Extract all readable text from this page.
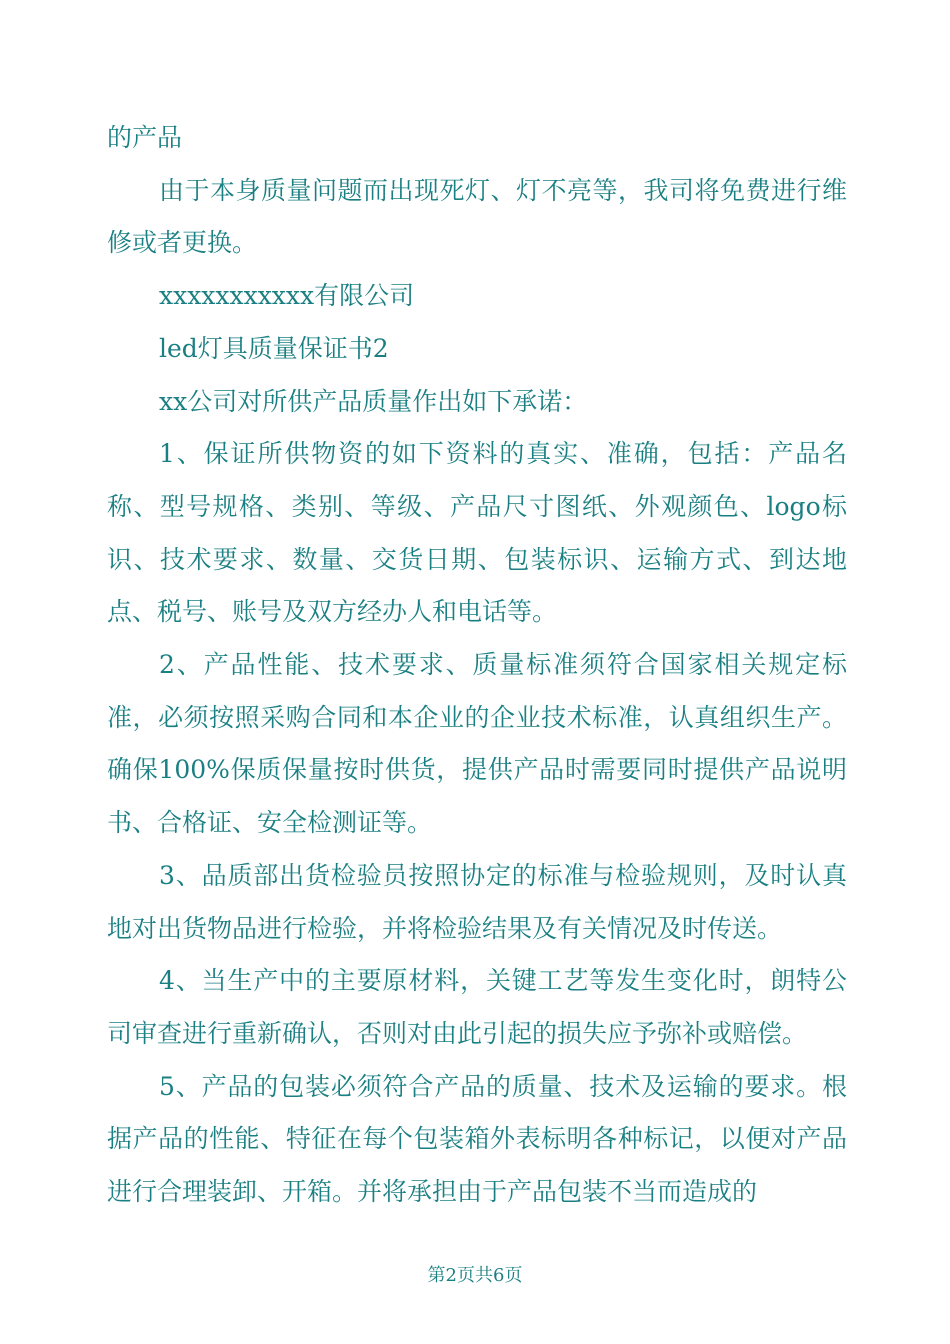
的产品

由于本身质量问题而出现死灯、灯不亮等，我司将免费进行维修或者更换。

xxxxxxxxxxx有限公司

led灯具质量保证书2

xx公司对所供产品质量作出如下承诺：

1、保证所供物资的如下资料的真实、准确，包括：产品名称、型号规格、类别、等级、产品尺寸图纸、外观颜色、logo标识、技术要求、数量、交货日期、包装标识、运输方式、到达地点、税号、账号及双方经办人和电话等。

2、产品性能、技术要求、质量标准须符合国家相关规定标准，必须按照采购合同和本企业的企业技术标准，认真组织生产。确保100%保质保量按时供货，提供产品时需要同时提供产品说明书、合格证、安全检测证等。

3、品质部出货检验员按照协定的标准与检验规则，及时认真地对出货物品进行检验，并将检验结果及有关情况及时传送。

4、当生产中的主要原材料，关键工艺等发生变化时，朗特公司审查进行重新确认，否则对由此引起的损失应予弥补或赔偿。

5、产品的包装必须符合产品的质量、技术及运输的要求。根据产品的性能、特征在每个包装箱外表标明各种标记，以便对产品进行合理装卸、开箱。并将承担由于产品包装不当而造成的

第2页共6页
